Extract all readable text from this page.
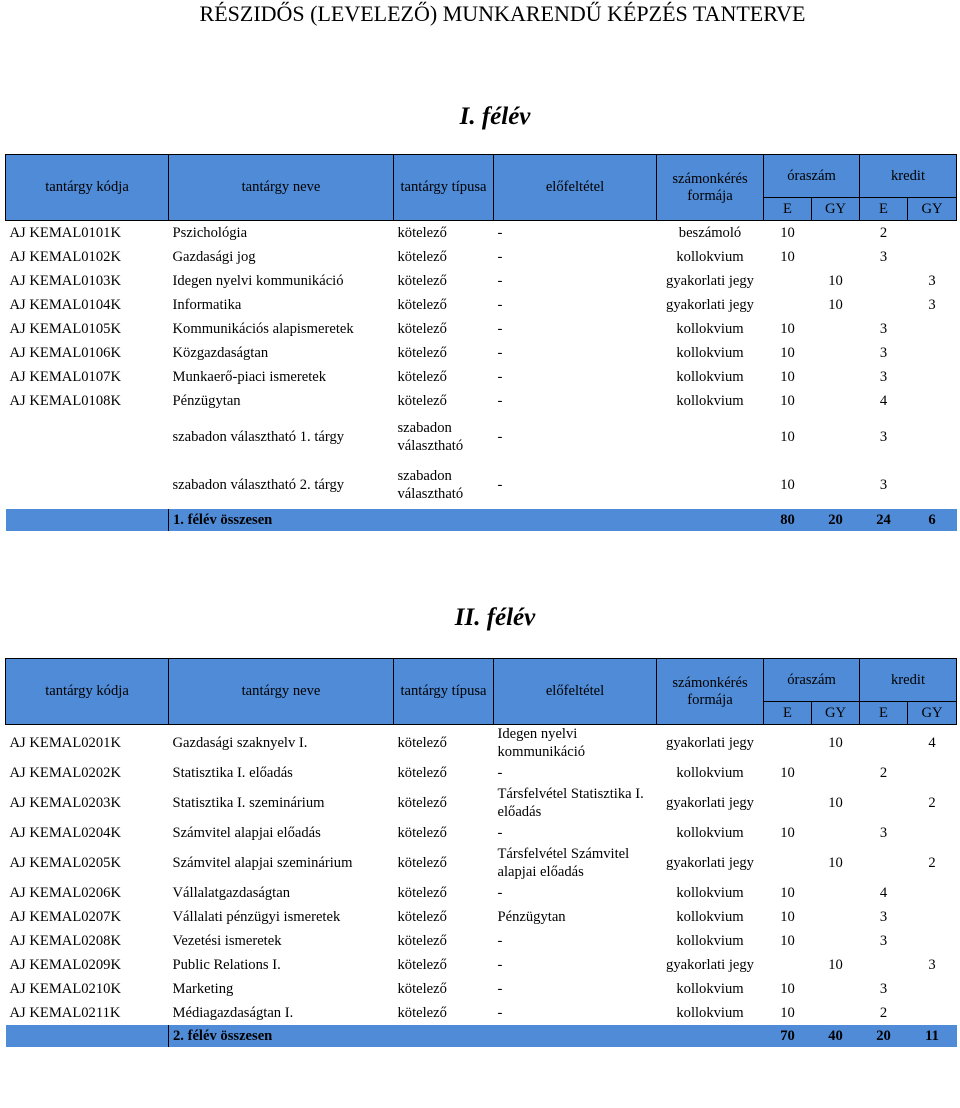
RÉSZIDŐS (LEVELEZŐ) MUNKARENDŰ KÉPZÉS TANTERVE
I. félév
tantárgy kódja	tantárgy neve	tantárgy típusa	előfeltétel	számonkérés formája	óraszám		kredit	
					E	GY	E	GY
AJ KEMAL0101K	Pszichológia	kötelező	-	beszámoló	10		2	
AJ KEMAL0102K	Gazdasági jog	kötelező	-	kollokvium	10		3	
AJ KEMAL0103K	Idegen nyelvi kommunikáció	kötelező	-	gyakorlati jegy		10		3
AJ KEMAL0104K	Informatika	kötelező	-	gyakorlati jegy		10		3
AJ KEMAL0105K	Kommunikációs alapismeretek	kötelező	-	kollokvium	10		3	
AJ KEMAL0106K	Közgazdaságtan	kötelező	-	kollokvium	10		3	
AJ KEMAL0107K	Munkaerő-piaci ismeretek	kötelező	-	kollokvium	10		3	
AJ KEMAL0108K	Pénzügytan	kötelező	-	kollokvium	10		4	
	szabadon választható 1. tárgy	szabadon választható	-		10		3	
	szabadon választható 2. tárgy	szabadon választható	-		10		3	
	1. félév összesen				80	20	24	6
II. félév
tantárgy kódja	tantárgy neve	tantárgy típusa	előfeltétel	számonkérés formája	óraszám		kredit	
					E	GY	E	GY
AJ KEMAL0201K	Gazdasági szaknyelv I.	kötelező	Idegen nyelvi kommunikáció	gyakorlati jegy		10		4
AJ KEMAL0202K	Statisztika I. előadás	kötelező	-	kollokvium	10		2	
AJ KEMAL0203K	Statisztika I. szeminárium	kötelező	Társfelvétel Statisztika I. előadás	gyakorlati jegy		10		2
AJ KEMAL0204K	Számvitel alapjai előadás	kötelező	-	kollokvium	10		3	
AJ KEMAL0205K	Számvitel alapjai szeminárium	kötelező	Társfelvétel Számvitel alapjai előadás	gyakorlati jegy		10		2
AJ KEMAL0206K	Vállalatgazdaságtan	kötelező	-	kollokvium	10		4	
AJ KEMAL0207K	Vállalati pénzügyi ismeretek	kötelező	Pénzügytan	kollokvium	10		3	
AJ KEMAL0208K	Vezetési ismeretek	kötelező	-	kollokvium	10		3	
AJ KEMAL0209K	Public Relations I.	kötelező	-	gyakorlati jegy		10		3
AJ KEMAL0210K	Marketing	kötelező	-	kollokvium	10		3	
AJ KEMAL0211K	Médiagazdaságtan I.	kötelező	-	kollokvium	10		2	
	2. félév összesen				70	40	20	11
